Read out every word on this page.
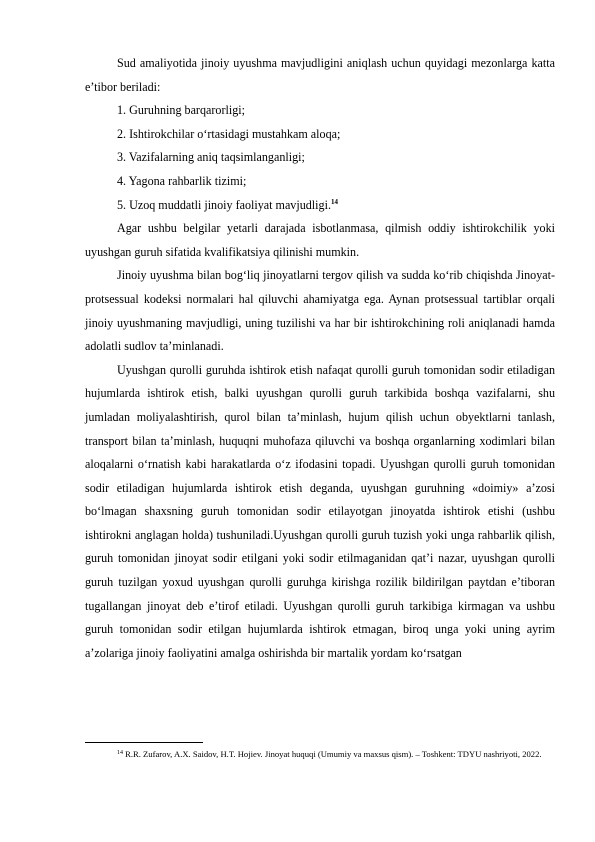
Sud amaliyotida jinoiy uyushma mavjudligini aniqlash uchun quyidagi mezonlarga katta e’tibor beriladi:

1. Guruhning barqarorligi;

2. Ishtirokchilar o‘rtasidagi mustahkam aloqa;

3. Vazifalarning aniq taqsimlanganligi;

4. Yagona rahbarlik tizimi;

5. Uzoq muddatli jinoiy faoliyat mavjudligi.$^{14}$

Agar ushbu belgilar yetarli darajada isbotlanmasa, qilmish oddiy ishtirokchilik yoki uyushgan guruh sifatida kvalifikatsiya qilinishi mumkin.

Jinoiy uyushma bilan bog‘liq jinoyatlarni tergov qilish va sudda ko‘rib chiqishda Jinoyat-protsessual kodeksi normalari hal qiluvchi ahamiyatga ega. Aynan protsessual tartiblar orqali jinoiy uyushmaning mavjudligi, uning tuzilishi va har bir ishtirokchining roli aniqlanadi hamda adolatli sudlov ta’minlanadi.

Uyushgan qurolli guruhda ishtirok etish nafaqat qurolli guruh tomonidan sodir etiladigan hujumlarda ishtirok etish, balki uyushgan qurolli guruh tarkibida boshqa vazifalarni, shu jumladan moliyalashtirish, qurol bilan ta’minlash, hujum qilish uchun obyektlarni tanlash, transport bilan ta’minlash, huquqni muhofaza qiluvchi va boshqa organlarning xodimlari bilan aloqalarni o‘rnatish kabi harakatlarda o‘z ifodasini topadi. Uyushgan qurolli guruh tomonidan sodir etiladigan hujumlarda ishtirok etish deganda, uyushgan guruhning «doimiy» a’zosi bo‘lmagan shaxsning guruh tomonidan sodir etilayotgan jinoyatda ishtirok etishi (ushbu ishtirokni anglagan holda) tushuniladi.Uyushgan qurolli guruh tuzish yoki unga rahbarlik qilish, guruh tomonidan jinoyat sodir etilgani yoki sodir etilmaganidan qat’i nazar, uyushgan qurolli guruh tuzilgan yoxud uyushgan qurolli guruhga kirishga rozilik bildirilgan paytdan e’tiboran tugallangan jinoyat deb e’tirof etiladi. Uyushgan qurolli guruh tarkibiga kirmagan va ushbu guruh tomonidan sodir etilgan hujumlarda ishtirok etmagan, biroq unga yoki uning ayrim a’zolariga jinoiy faoliyatini amalga oshirishda bir martalik yordam ko‘rsatgan

$^{14}$ R.R. Zufarov, A.X. Saidov, H.T. Hojiev. Jinoyat huquqi (Umumiy va maxsus qism). – Toshkent: TDYU nashriyoti, 2022.
